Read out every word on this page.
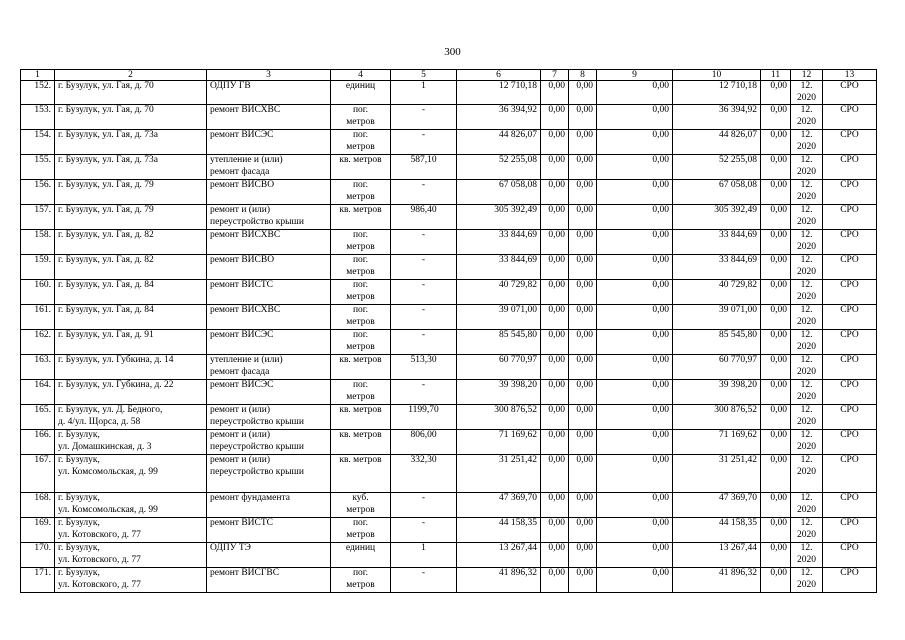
300
1	2	3	4	5	6	7	8	9	10	11	12	13
152.	г. Бузулук, ул. Гая, д. 70	ОДПУ ГВ	единиц	1	12 710,18	0,00	0,00	0,00	12 710,18	0,00	12.
2020	СРО
153.	г. Бузулук, ул. Гая, д. 70	ремонт ВИСХВС	пог.
метров	-	36 394,92	0,00	0,00	0,00	36 394,92	0,00	12.
2020	СРО
154.	г. Бузулук, ул. Гая, д. 73а	ремонт ВИСЭС	пог.
метров	-	44 826,07	0,00	0,00	0,00	44 826,07	0,00	12.
2020	СРО
155.	г. Бузулук, ул. Гая, д. 73а	утепление и (или)
ремонт фасада	кв. метров	587,10	52 255,08	0,00	0,00	0,00	52 255,08	0,00	12.
2020	СРО
156.	г. Бузулук, ул. Гая, д. 79	ремонт ВИСВО	пог.
метров	-	67 058,08	0,00	0,00	0,00	67 058,08	0,00	12.
2020	СРО
157.	г. Бузулук, ул. Гая, д. 79	ремонт и (или)
переустройство крыши	кв. метров	986,40	305 392,49	0,00	0,00	0,00	305 392,49	0,00	12.
2020	СРО
158.	г. Бузулук, ул. Гая, д. 82	ремонт ВИСХВС	пог.
метров	-	33 844,69	0,00	0,00	0,00	33 844,69	0,00	12.
2020	СРО
159.	г. Бузулук, ул. Гая, д. 82	ремонт ВИСВО	пог.
метров	-	33 844,69	0,00	0,00	0,00	33 844,69	0,00	12.
2020	СРО
160.	г. Бузулук, ул. Гая, д. 84	ремонт ВИСТС	пог.
метров	-	40 729,82	0,00	0,00	0,00	40 729,82	0,00	12.
2020	СРО
161.	г. Бузулук, ул. Гая, д. 84	ремонт ВИСХВС	пог.
метров	-	39 071,00	0,00	0,00	0,00	39 071,00	0,00	12.
2020	СРО
162.	г. Бузулук, ул. Гая, д. 91	ремонт ВИСЭС	пог.
метров	-	85 545,80	0,00	0,00	0,00	85 545,80	0,00	12.
2020	СРО
163.	г. Бузулук, ул. Губкина, д. 14	утепление и (или)
ремонт фасада	кв. метров	513,30	60 770,97	0,00	0,00	0,00	60 770,97	0,00	12.
2020	СРО
164.	г. Бузулук, ул. Губкина, д. 22	ремонт ВИСЭС	пог.
метров	-	39 398,20	0,00	0,00	0,00	39 398,20	0,00	12.
2020	СРО
165.	г. Бузулук, ул. Д. Бедного,
д. 4/ул. Щорса, д. 58	ремонт и (или)
переустройство крыши	кв. метров	1199,70	300 876,52	0,00	0,00	0,00	300 876,52	0,00	12.
2020	СРО
166.	г. Бузулук,
ул. Домашкинская, д. 3	ремонт и (или)
переустройство крыши	кв. метров	806,00	71 169,62	0,00	0,00	0,00	71 169,62	0,00	12.
2020	СРО
167.	г. Бузулук,
ул. Комсомольская, д. 99	ремонт и (или)
переустройство крыши	кв. метров	332,30	31 251,42	0,00	0,00	0,00	31 251,42	0,00	12.
2020	СРО
168.	г. Бузулук,
ул. Комсомольская, д. 99	ремонт фундамента	куб.
метров	-	47 369,70	0,00	0,00	0,00	47 369,70	0,00	12.
2020	СРО
169.	г. Бузулук,
ул. Котовского, д. 77	ремонт ВИСТС	пог.
метров	-	44 158,35	0,00	0,00	0,00	44 158,35	0,00	12.
2020	СРО
170.	г. Бузулук,
ул. Котовского, д. 77	ОДПУ ТЭ	единиц	1	13 267,44	0,00	0,00	0,00	13 267,44	0,00	12.
2020	СРО
171.	г. Бузулук,
ул. Котовского, д. 77	ремонт ВИСГВС	пог.
метров	-	41 896,32	0,00	0,00	0,00	41 896,32	0,00	12.
2020	СРО
